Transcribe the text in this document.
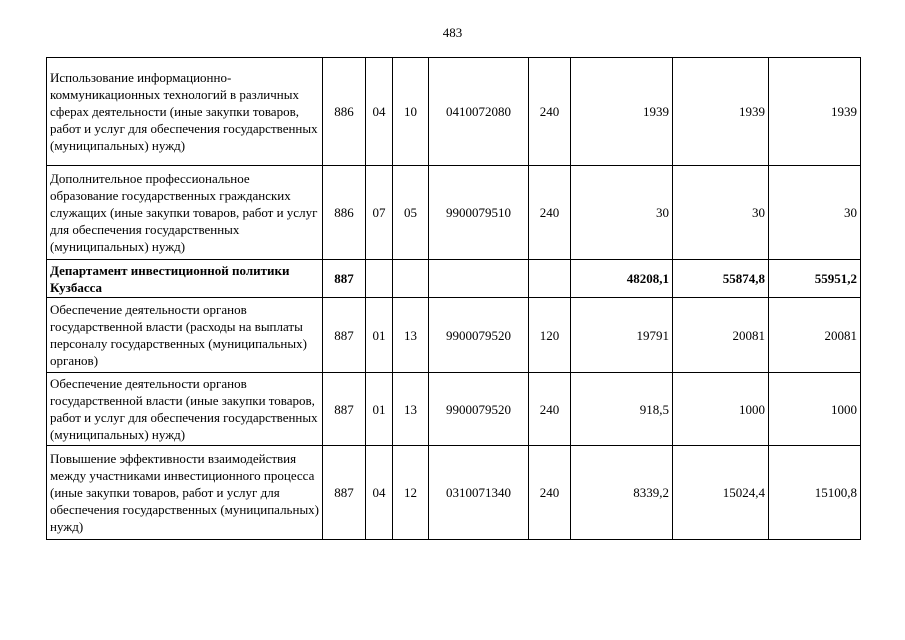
483
Использование информационно-коммуникационных технологий в различных сферах деятельности (иные закупки товаров, работ и услуг для обеспечения государственных (муниципальных) нужд)	886	04	10	0410072080	240	1939	1939	1939
Дополнительное профессиональное образование государственных гражданских служащих (иные закупки товаров, работ и услуг для обеспечения государственных (муниципальных) нужд)	886	07	05	9900079510	240	30	30	30
Департамент инвестиционной политики Кузбасса	887					48208,1	55874,8	55951,2
Обеспечение деятельности органов государственной власти (расходы на выплаты персоналу государственных (муниципальных) органов)	887	01	13	9900079520	120	19791	20081	20081
Обеспечение деятельности органов государственной власти (иные закупки товаров, работ и услуг для обеспечения государственных (муниципальных) нужд)	887	01	13	9900079520	240	918,5	1000	1000
Повышение эффективности взаимодействия между участниками инвестиционного процесса (иные закупки товаров, работ и услуг для обеспечения государственных (муниципальных) нужд)	887	04	12	0310071340	240	8339,2	15024,4	15100,8
